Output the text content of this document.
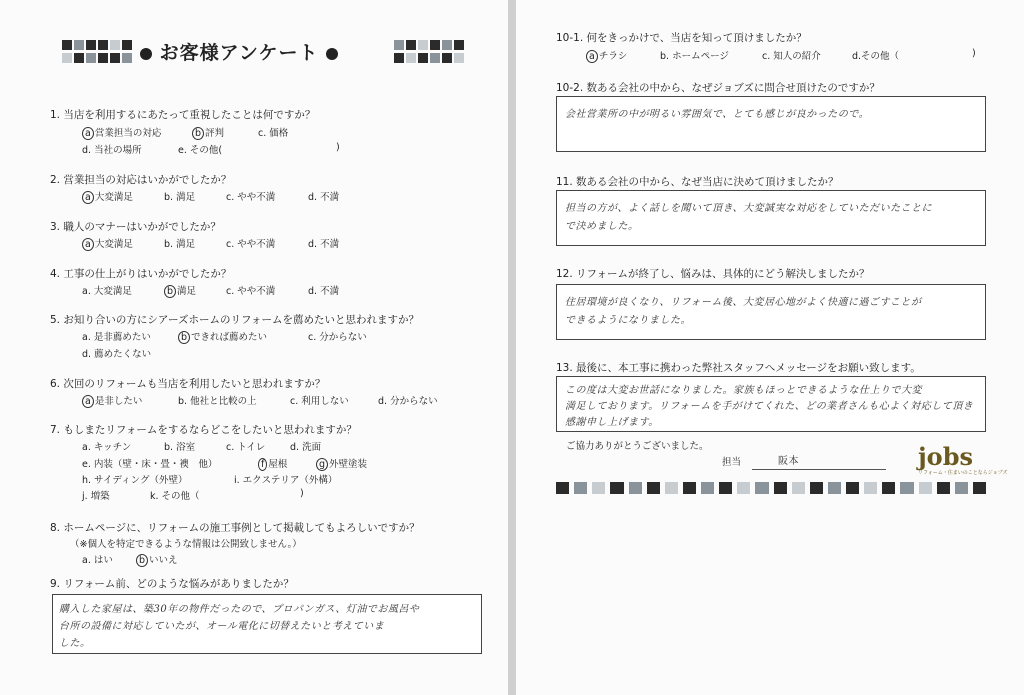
お客様アンケート
1. 当店を利用するにあたって重視したことは何ですか？
a 営業担当の対応	b 評判	c. 価格
d. 当社の場所	e. その他(	)
2. 営業担当の対応はいかがでしたか？
a 大変満足	b. 満足	c. やや不満	d. 不満
3. 職人のマナーはいかがでしたか？
a 大変満足	b. 満足	c. やや不満	d. 不満
4. 工事の仕上がりはいかがでしたか？
a. 大変満足	b 満足	c. やや不満	d. 不満
5. お知り合いの方にシアーズホームのリフォームを薦めたいと思われますか？
a. 是非薦めたい	b できれば薦めたい	c. 分からない
d. 薦めたくない
6. 次回のリフォームも当店を利用したいと思われますか？
a 是非したい	b. 他社と比較の上	c. 利用しない	d. 分からない
7. もしまたリフォームをするならどこをしたいと思われますか？
a. キッチン	b. 浴室	c. トイレ	d. 洗面
e. 内装（壁・床・畳・襖　他）	f 屋根	g 外壁塗装
h. サイディング（外壁）	i. エクステリア（外構）
j. 増築	k. その他（	)
8. ホームページに、リフォームの施工事例として掲載してもよろしいですか？
（※個人を特定できるような情報は公開致しません。）
a. はい	b いいえ
9. リフォーム前、どのような悩みがありましたか？
購入した家屋は、築30年の物件だったので、プロパンガス、灯油でお風呂や
台所の設備に対応していたが、オール電化に切替えたいと考えていま
した。
10-1. 何をきっかけで、当店を知って頂けましたか？
a チラシ	b. ホームページ	c. 知人の紹介	d.その他（	)
10-2. 数ある会社の中から、なぜジョブズに問合せ頂けたのですか？
会社営業所の中が明るい雰囲気で、とても感じが良かったので。
11. 数ある会社の中から、なぜ当店に決めて頂けましたか？
担当の方が、よく話しを聞いて頂き、大変誠実な対応をしていただいたことに
で決めました。
12. リフォームが終了し、悩みは、具体的にどう解決しましたか？
住居環境が良くなり、リフォーム後、大変居心地がよく快適に過ごすことが
できるようになりました。
13. 最後に、本工事に携わった弊社スタッフへメッセージをお願い致します。
この度は大変お世話になりました。家族もほっとできるような仕上りで大変
満足しております。リフォームを手がけてくれた、どの業者さんも心よく対応して頂き
感謝申し上げます。
ご協力ありがとうございました。
担当	阪本	jobs
リフォーム・住まいのことならジョブズ
